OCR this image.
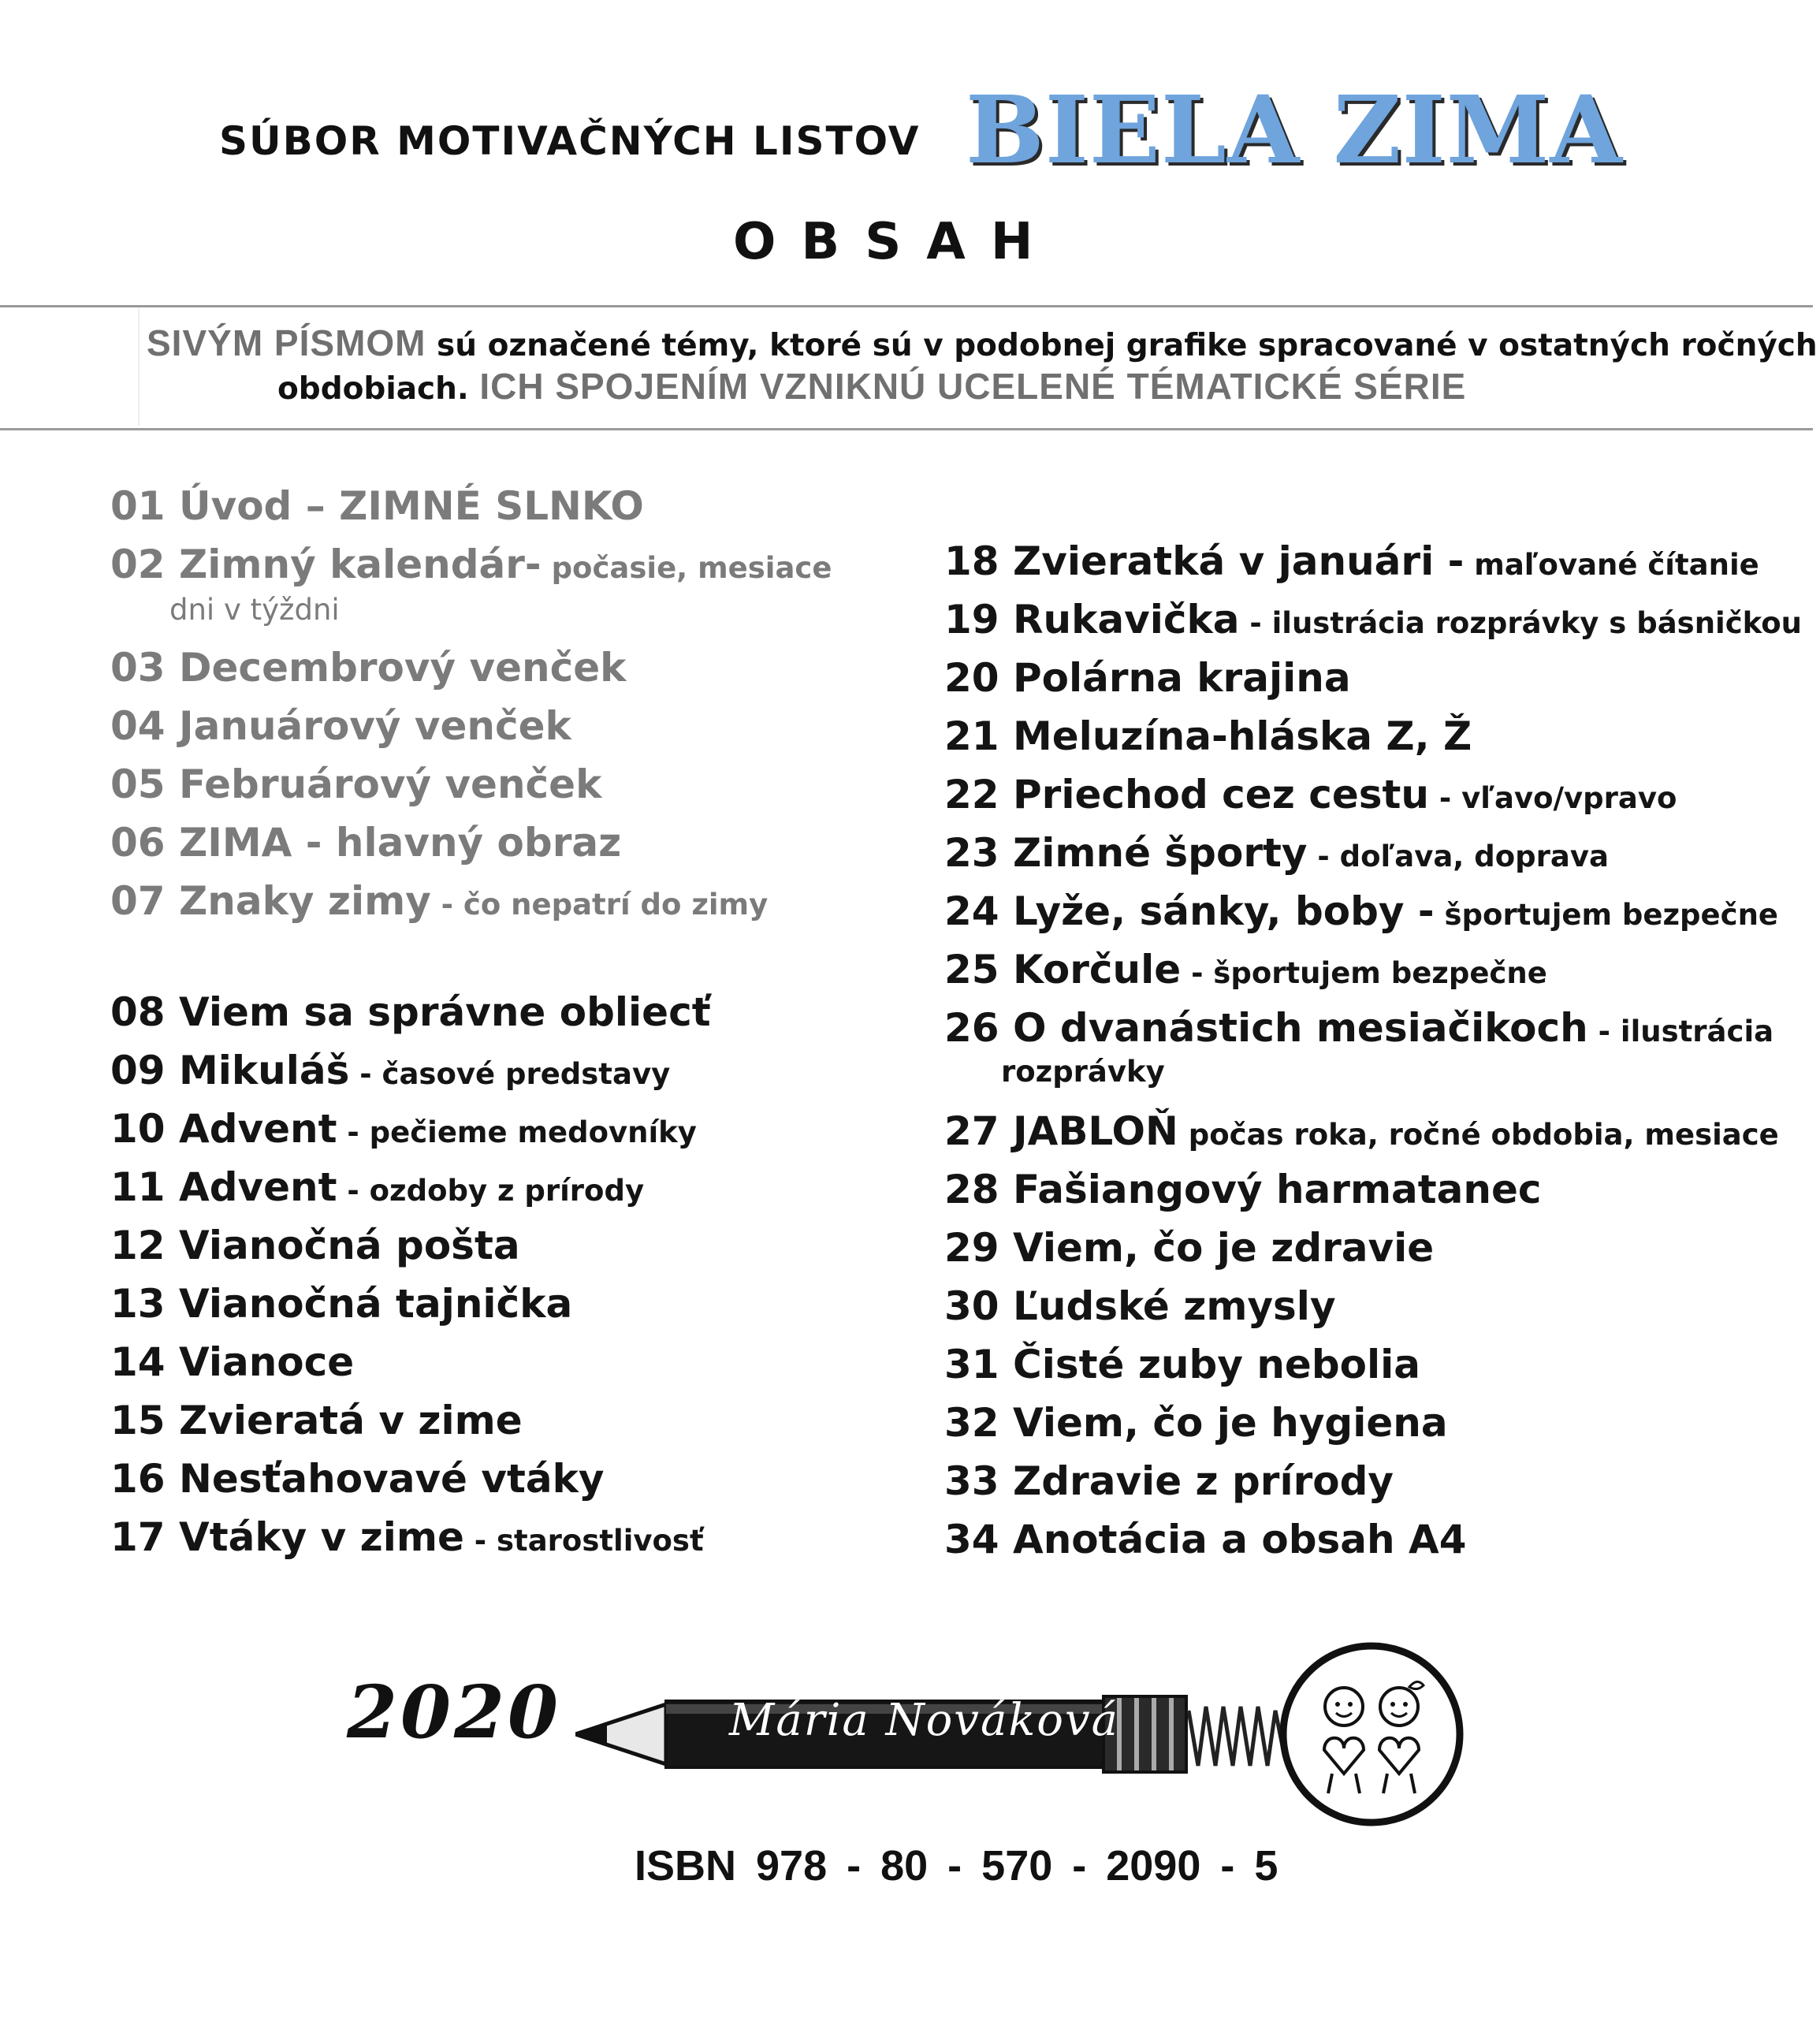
SÚBOR MOTIVAČNÝCH LISTOV BIELA ZIMA
OBSAH
SIVÝM PÍSMOM sú označené témy, ktoré sú v podobnej grafike spracované v ostatných ročných
obdobiach. ICH SPOJENÍM VZNIKNÚ UCELENÉ TÉMATICKÉ SÉRIE
01 Úvod – ZIMNÉ SLNKO
02 Zimný kalendár- počasie, mesiace
dni v týždni
03 Decembrový venček
04 Januárový venček
05 Februárový venček
06 ZIMA - hlavný obraz
07 Znaky zimy - čo nepatrí do zimy
08 Viem sa správne obliecť
09 Mikuláš - časové predstavy
10 Advent - pečieme medovníky
11 Advent - ozdoby z prírody
12 Vianočná pošta
13 Vianočná tajnička
14 Vianoce
15 Zvieratá v zime
16 Nesťahovavé vtáky
17 Vtáky v zime - starostlivosť
18 Zvieratká v januári - maľované čítanie
19 Rukavička - ilustrácia rozprávky s básničkou
20 Polárna krajina
21 Meluzína-hláska Z, Ž
22 Priechod cez cestu - vľavo/vpravo
23 Zimné športy - doľava, doprava
24 Lyže, sánky, boby - športujem bezpečne
25 Korčule - športujem bezpečne
26 O dvanástich mesiačikoch - ilustrácia
rozprávky
27 JABLOŇ počas roka, ročné obdobia, mesiace
28 Fašiangový harmatanec
29 Viem, čo je zdravie
30 Ľudské zmysly
31 Čisté zuby nebolia
32 Viem, čo je hygiena
33 Zdravie z prírody
34 Anotácia a obsah A4
2020	Mária Nováková
ISBN 978 - 80 - 570 - 2090 - 5
